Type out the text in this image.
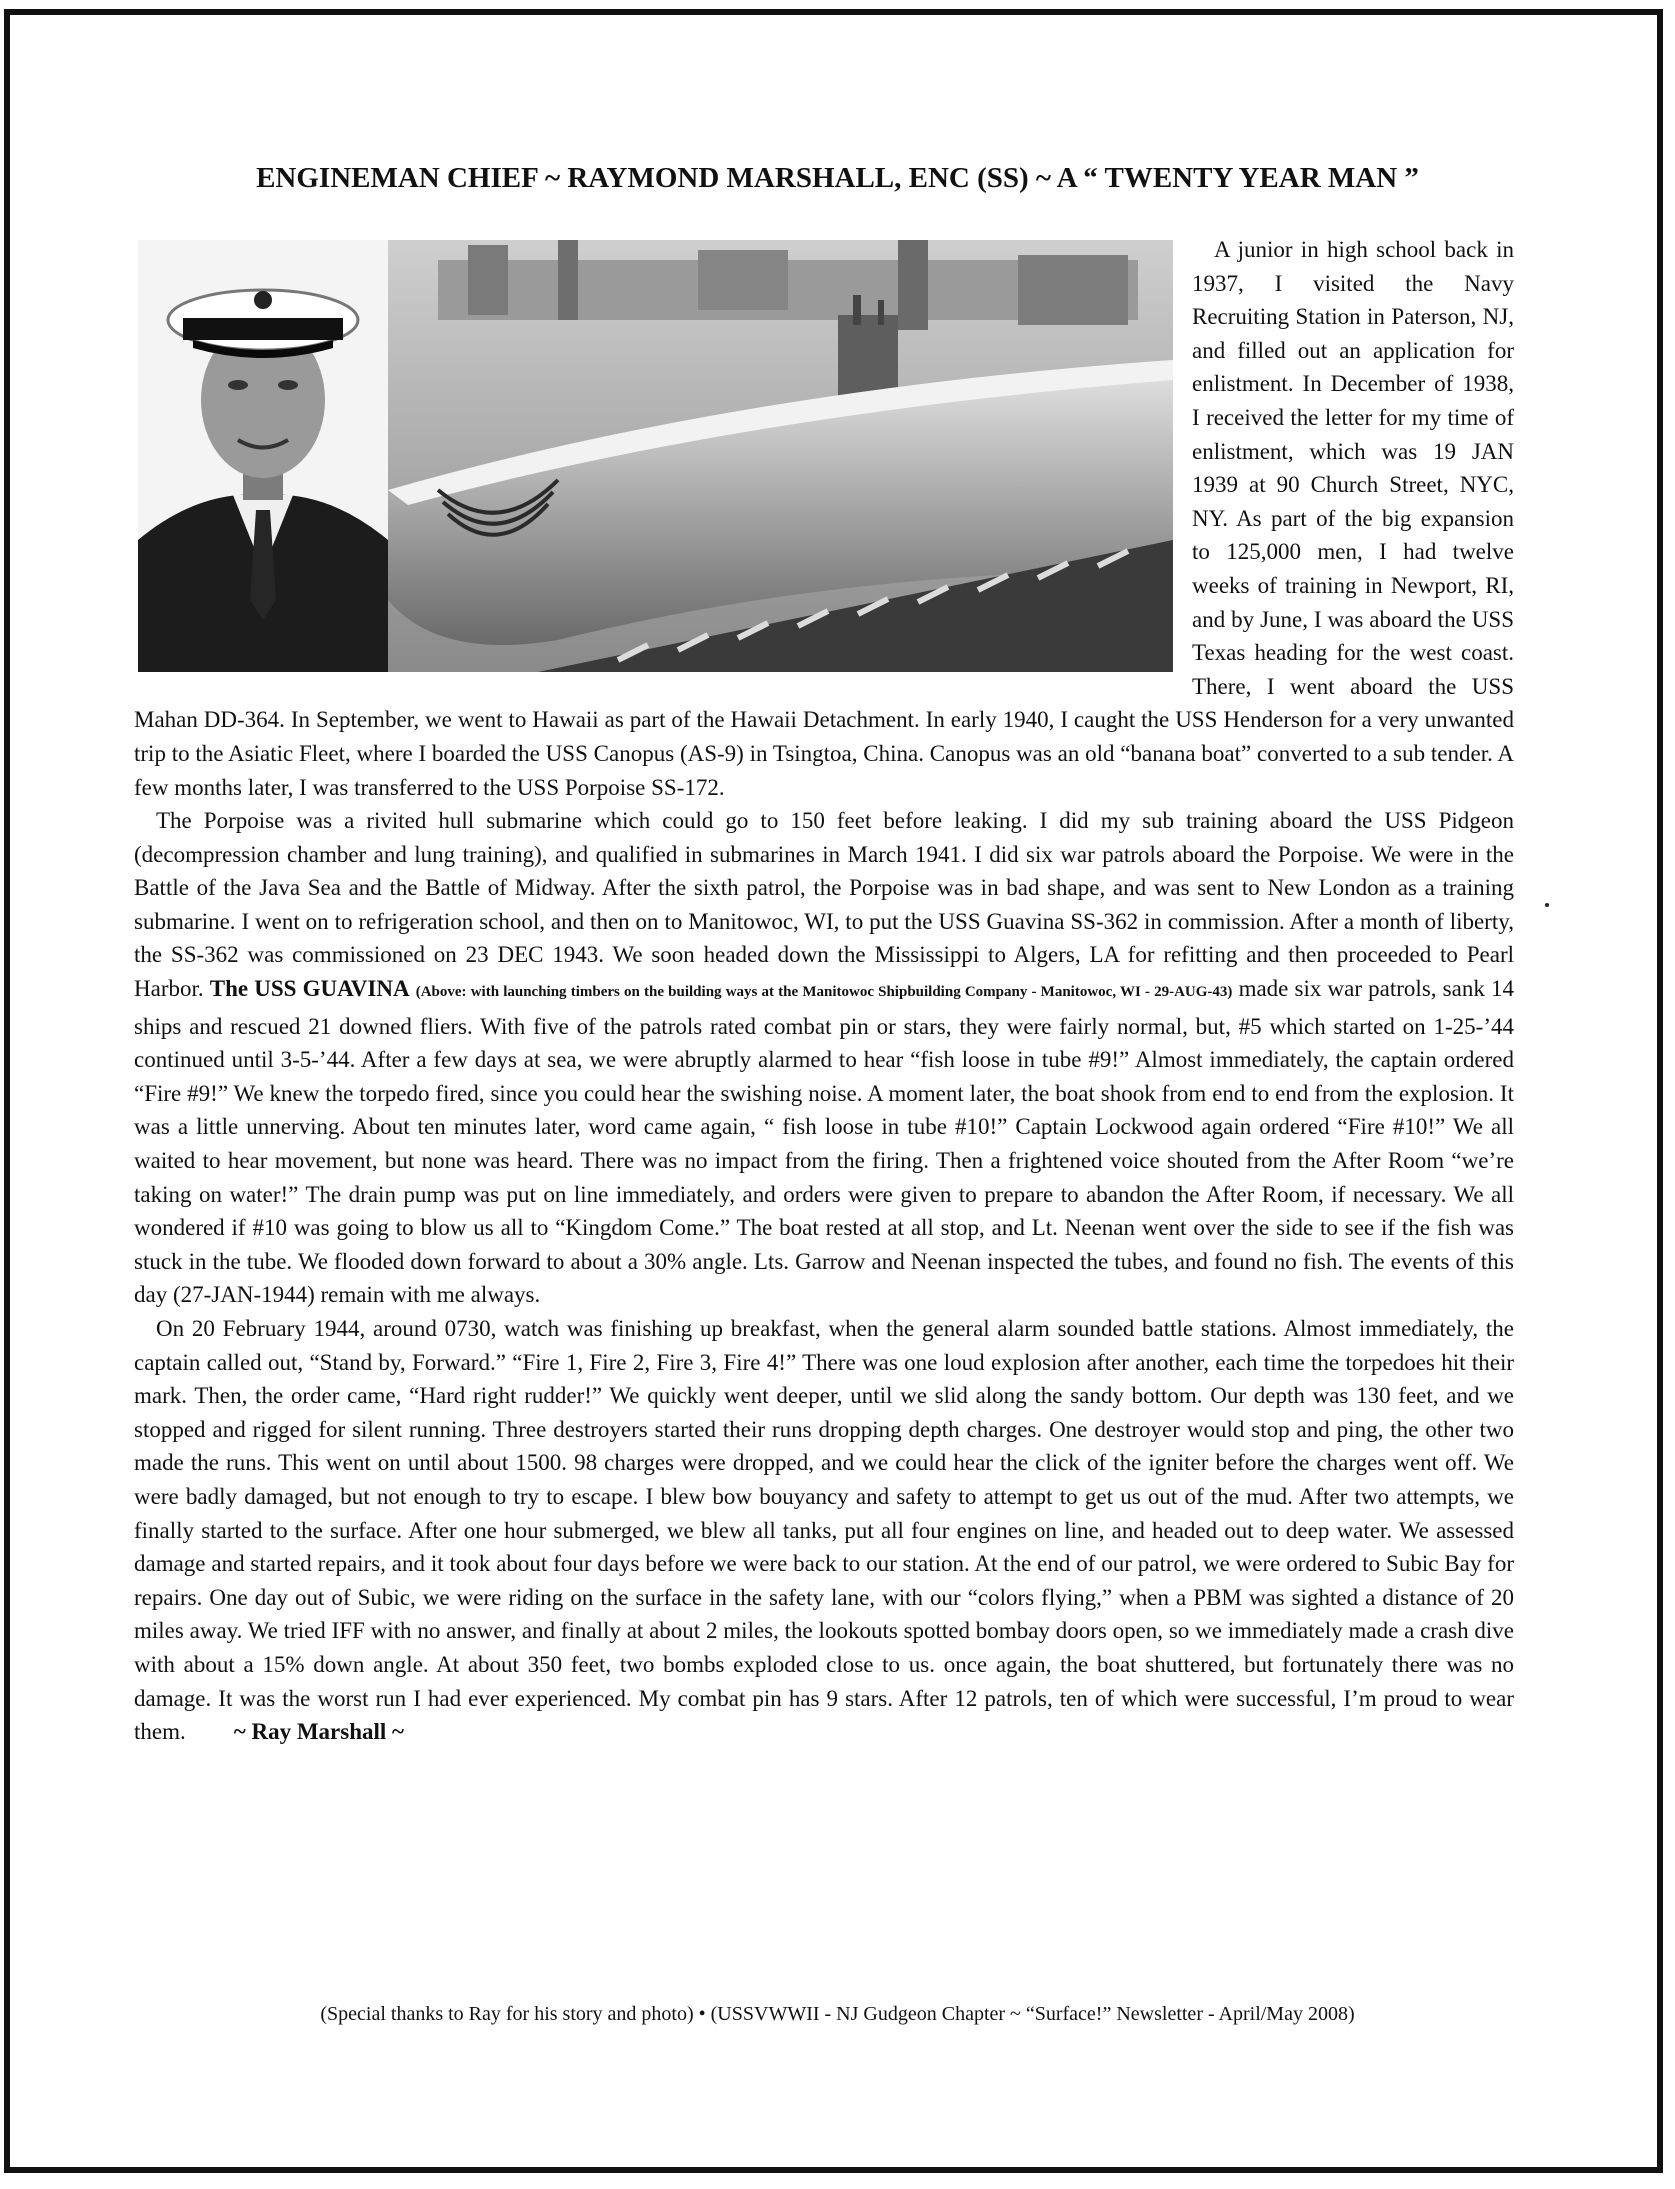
ENGINEMAN CHIEF ~ RAYMOND MARSHALL, ENC (SS) ~ A “ TWENTY YEAR MAN ”

A junior in high school back in 1937, I visited the Navy Recruiting Station in Paterson, NJ, and filled out an application for enlistment. In December of 1938, I received the letter for my time of enlistment, which was 19 JAN 1939 at 90 Church Street, NYC, NY. As part of the big expansion to 125,000 men, I had twelve weeks of training in Newport, RI, and by June, I was aboard the USS Texas heading for the west coast. There, I went aboard the USS Mahan DD-364. In September, we went to Hawaii as part of the Hawaii Detachment. In early 1940, I caught the USS Henderson for a very unwanted trip to the Asiatic Fleet, where I boarded the USS Canopus (AS-9) in Tsingtoa, China. Canopus was an old “banana boat” converted to a sub tender. A few months later, I was transferred to the USS Porpoise SS-172.

The Porpoise was a rivited hull submarine which could go to 150 feet before leaking. I did my sub training aboard the USS Pidgeon (decompression chamber and lung training), and qualified in submarines in March 1941. I did six war patrols aboard the Porpoise. We were in the Battle of the Java Sea and the Battle of Midway. After the sixth patrol, the Porpoise was in bad shape, and was sent to New London as a training submarine. I went on to refrigeration school, and then on to Manitowoc, WI, to put the USS Guavina SS-362 in commission. After a month of liberty, the SS-362 was commissioned on 23 DEC 1943. We soon headed down the Mississippi to Algers, LA for refitting and then proceeded to Pearl Harbor. The USS GUAVINA (Above: with launching timbers on the building ways at the Manitowoc Shipbuilding Company - Manitowoc, WI - 29-AUG-43) made six war patrols, sank 14 ships and rescued 21 downed fliers. With five of the patrols rated combat pin or stars, they were fairly normal, but, #5 which started on 1-25-’44 continued until 3-5-’44. After a few days at sea, we were abruptly alarmed to hear “fish loose in tube #9!” Almost immediately, the captain ordered “Fire #9!” We knew the torpedo fired, since you could hear the swishing noise. A moment later, the boat shook from end to end from the explosion. It was a little unnerving. About ten minutes later, word came again, “ fish loose in tube #10!” Captain Lockwood again ordered “Fire #10!” We all waited to hear movement, but none was heard. There was no impact from the firing. Then a frightened voice shouted from the After Room “we’re taking on water!” The drain pump was put on line immediately, and orders were given to prepare to abandon the After Room, if necessary. We all wondered if #10 was going to blow us all to “Kingdom Come.” The boat rested at all stop, and Lt. Neenan went over the side to see if the fish was stuck in the tube. We flooded down forward to about a 30% angle. Lts. Garrow and Neenan inspected the tubes, and found no fish. The events of this day (27-JAN-1944) remain with me always.

On 20 February 1944, around 0730, watch was finishing up breakfast, when the general alarm sounded battle stations. Almost immediately, the captain called out, “Stand by, Forward.” “Fire 1, Fire 2, Fire 3, Fire 4!” There was one loud explosion after another, each time the torpedoes hit their mark. Then, the order came, “Hard right rudder!” We quickly went deeper, until we slid along the sandy bottom. Our depth was 130 feet, and we stopped and rigged for silent running. Three destroyers started their runs dropping depth charges. One destroyer would stop and ping, the other two made the runs. This went on until about 1500. 98 charges were dropped, and we could hear the click of the igniter before the charges went off. We were badly damaged, but not enough to try to escape. I blew bow bouyancy and safety to attempt to get us out of the mud. After two attempts, we finally started to the surface. After one hour submerged, we blew all tanks, put all four engines on line, and headed out to deep water. We assessed damage and started repairs, and it took about four days before we were back to our station. At the end of our patrol, we were ordered to Subic Bay for repairs. One day out of Subic, we were riding on the surface in the safety lane, with our “colors flying,” when a PBM was sighted a distance of 20 miles away. We tried IFF with no answer, and finally at about 2 miles, the lookouts spotted bombay doors open, so we immediately made a crash dive with about a 15% down angle. At about 350 feet, two bombs exploded close to us. once again, the boat shuttered, but fortunately there was no damage. It was the worst run I had ever experienced. My combat pin has 9 stars. After 12 patrols, ten of which were successful, I’m proud to wear them. ~ Ray Marshall ~

(Special thanks to Ray for his story and photo) • (USSVWWII - NJ Gudgeon Chapter ~ “Surface!” Newsletter - April/May 2008)
